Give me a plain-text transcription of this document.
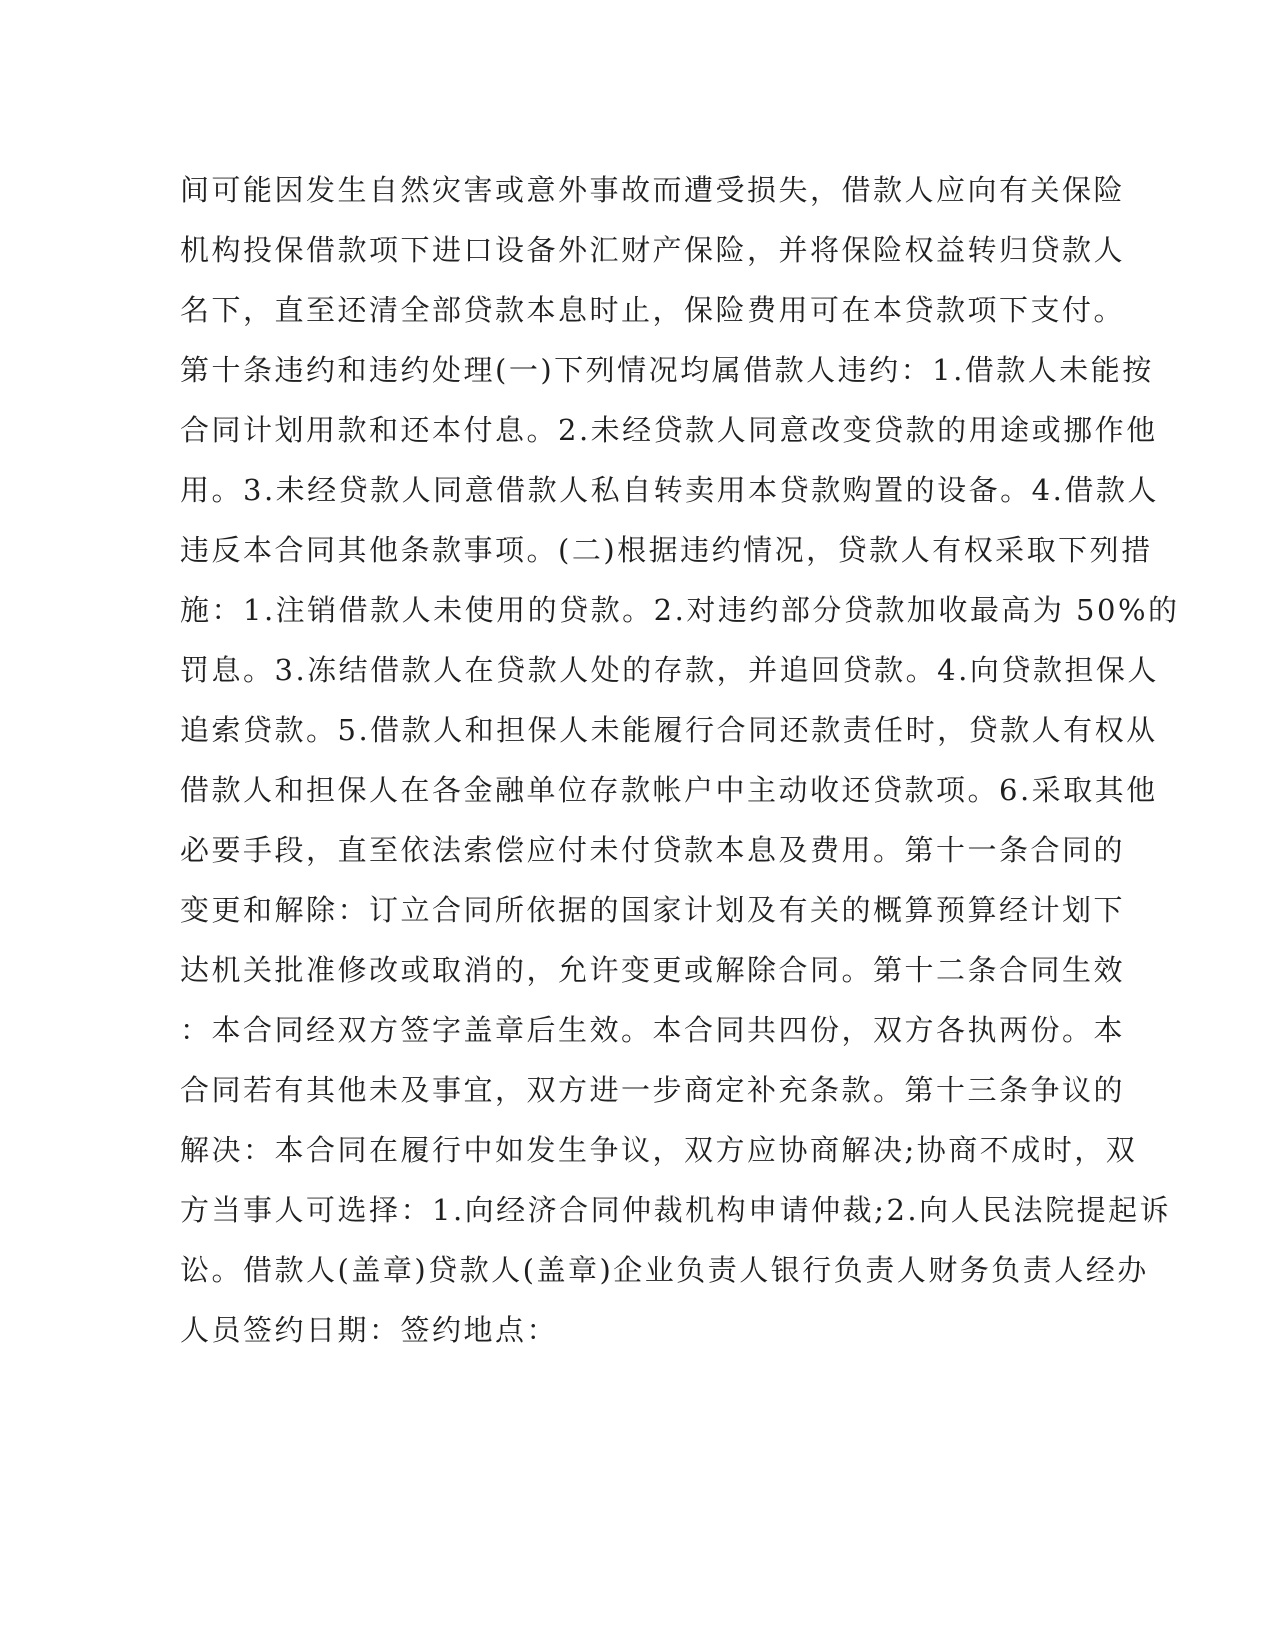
间可能因发生自然灾害或意外事故而遭受损失，借款人应向有关保险
机构投保借款项下进口设备外汇财产保险，并将保险权益转归贷款人
名下，直至还清全部贷款本息时止，保险费用可在本贷款项下支付。
第十条违约和违约处理(一)下列情况均属借款人违约：1.借款人未能按
合同计划用款和还本付息。2.未经贷款人同意改变贷款的用途或挪作他
用。3.未经贷款人同意借款人私自转卖用本贷款购置的设备。4.借款人
违反本合同其他条款事项。(二)根据违约情况，贷款人有权采取下列措
施：1.注销借款人未使用的贷款。2.对违约部分贷款加收最高为 50%的
罚息。3.冻结借款人在贷款人处的存款，并追回贷款。4.向贷款担保人
追索贷款。5.借款人和担保人未能履行合同还款责任时，贷款人有权从
借款人和担保人在各金融单位存款帐户中主动收还贷款项。6.采取其他
必要手段，直至依法索偿应付未付贷款本息及费用。第十一条合同的
变更和解除：订立合同所依据的国家计划及有关的概算预算经计划下
达机关批准修改或取消的，允许变更或解除合同。第十二条合同生效
：本合同经双方签字盖章后生效。本合同共四份，双方各执两份。本
合同若有其他未及事宜，双方进一步商定补充条款。第十三条争议的
解决：本合同在履行中如发生争议，双方应协商解决;协商不成时，双
方当事人可选择：1.向经济合同仲裁机构申请仲裁;2.向人民法院提起诉
讼。借款人(盖章)贷款人(盖章)企业负责人银行负责人财务负责人经办
人员签约日期：签约地点：
